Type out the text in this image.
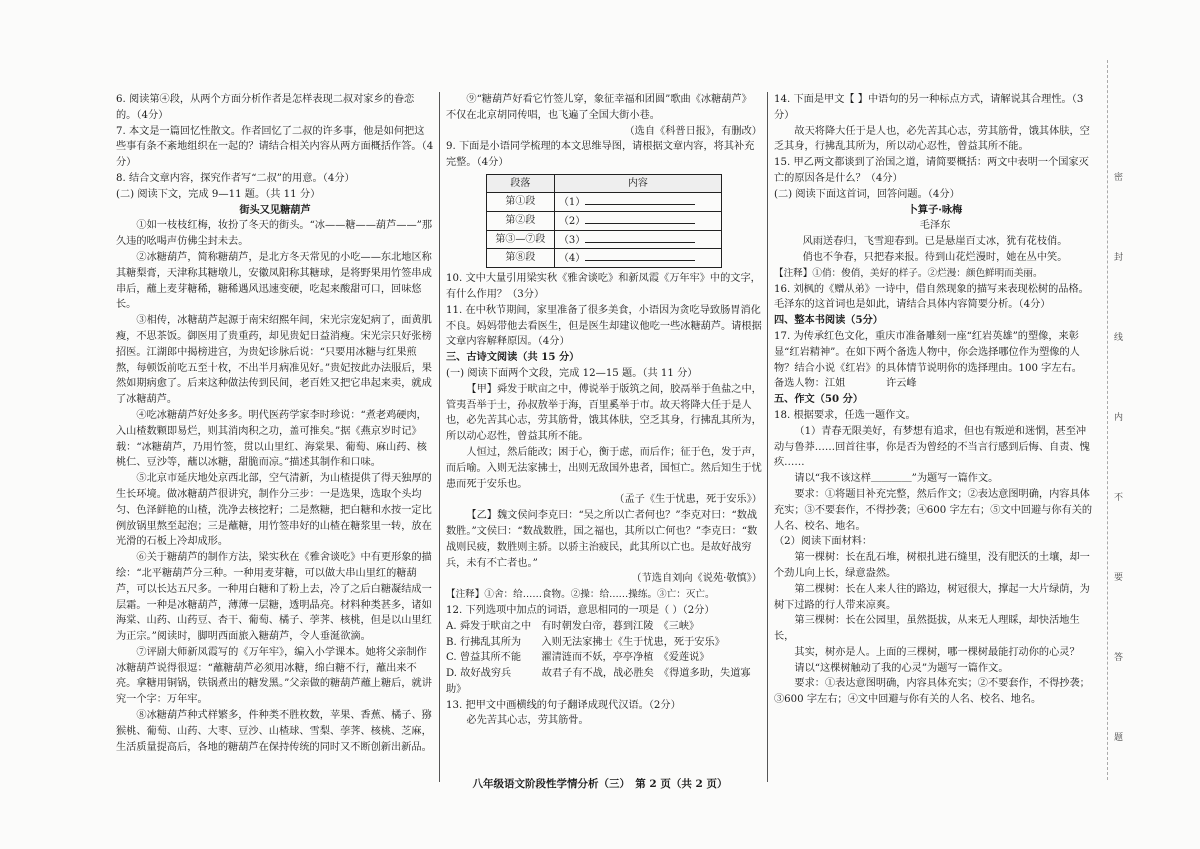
6. 阅读第④段，从两个方面分析作者是怎样表现二叔对家乡的眷恋的。（4分）

7. 本文是一篇回忆性散文。作者回忆了二叔的许多事，他是如何把这些事有条不紊地组织在一起的？请结合相关内容从两方面概括作答。（4分）

8. 结合文章内容，探究作者写“二叔”的用意。（4分）

(二) 阅读下文，完成 9—11 题。（共 11 分）

街头又见糖葫芦

①如一枝枝红梅，妆扮了冬天的街头。“冰——糖——葫芦——”那久违的吆喝声仿佛尘封未去。

②冰糖葫芦，简称糖葫芦，是北方冬天常见的小吃——东北地区称其糖梨膏，天津称其糖墩儿，安徽凤阳称其糖球，是将野果用竹签串成串后，蘸上麦芽糖稀，糖稀遇风迅速变硬，吃起来酸甜可口，回味悠长。

③相传，冰糖葫芦起源于南宋绍熙年间，宋光宗宠妃病了，面黄肌瘦，不思茶饭。御医用了贵重药，却见贵妃日益消瘦。宋光宗只好张榜招医。江湖郎中揭榜进宫，为贵妃诊脉后说：“只要用冰糖与红果煎熬，每顿饭前吃五至十枚，不出半月病准见好。”贵妃按此办法服后，果然如期病愈了。后来这种做法传到民间，老百姓又把它串起来卖，就成了冰糖葫芦。

④吃冰糖葫芦好处多多。明代医药学家李时珍说：“煮老鸡硬肉，入山楂数颗即易烂，则其消肉积之功，盖可推矣。”据《燕京岁时记》载：“冰糖葫芦，乃用竹签，贯以山里红、海棠果、葡萄、麻山药、核桃仁、豆沙等，蘸以冰糖，甜脆而凉。”描述其制作和口味。

⑤北京市延庆地处京西北部，空气清新，为山楂提供了得天独厚的生长环境。做冰糖葫芦很讲究，制作分三步：一是选果，选取个头均匀、色泽鲜艳的山楂，洗净去核挖籽；二是熬糖，把白糖和水按一定比例放锅里熬至起泡；三是蘸糖，用竹签串好的山楂在糖浆里一转，放在光滑的石板上冷却成形。

⑥关于糖葫芦的制作方法，梁实秋在《雅舍谈吃》中有更形象的描绘：“北平糖葫芦分三种。一种用麦芽糖，可以做大串山里红的糖葫芦，可以长达五尺多。一种用白糖和了粉上去，冷了之后白糖凝结成一层霜。一种是冰糖葫芦，薄薄一层糖，透明晶亮。材料种类甚多，诸如海棠、山药、山药豆、杏干、葡萄、橘子、荸荠、核桃，但是以山里红为正宗。”阅读时，脚明西面旅入糖葫芦，令人垂涎欲滴。

⑦评剧大师新凤霞写的《万年牢》，编入小学课本。她将父亲制作冰糖葫芦说得很逗：“蘸糖葫芦必须用冰糖，绵白糖不行，蘸出来不亮。拿糖用铜锅，铁锅煮出的糖发黑。”父亲做的糖葫芦蘸上糖后，就讲究一个字：万年牢。

⑧冰糖葫芦种式样繁多，件种类不胜枚数，苹果、香蕉、橘子、猕猴桃、葡萄、山药、大枣、豆沙、山楂球、雪梨、荸荠、核桃、芝麻，生活质量提高后，各地的糖葫芦在保持传统的同时又不断创新出新品。

⑨“糖葫芦好看它竹签儿穿，象征幸福和团圆”歌曲《冰糖葫芦》不仅在北京胡同传唱，也飞遍了全国大街小巷。

（选自《科普日报》，有删改）

9. 下面是小语同学梳理的本文思维导图，请根据文章内容，将其补充完整。（4分）

段落	内容
第①段	（1）
第②段	（2）
第③—⑦段	（3）
第⑧段	（4）

10. 文中大量引用梁实秋《雅舍谈吃》和新凤霞《万年牢》中的文字，有什么作用？（3分）

11. 在中秋节期间，家里准备了很多美食，小语因为贪吃导致肠胃消化不良。妈妈带他去看医生，但是医生却建议他吃一些冰糖葫芦。请根据文章内容解释原因。（4分）

三、古诗文阅读（共 15 分）

(一) 阅读下面两个文段，完成 12—15 题。（共 11 分）

【甲】舜发于畎亩之中，傅说举于版筑之间，胶鬲举于鱼盐之中，管夷吾举于士，孙叔敖举于海，百里奚举于市。故天将降大任于是人也，必先苦其心志，劳其筋骨，饿其体肤，空乏其身，行拂乱其所为，所以动心忍性，曾益其所不能。

人恒过，然后能改；困于心，衡于虑，而后作；征于色，发于声，而后喻。入则无法家拂士，出则无敌国外患者，国恒亡。然后知生于忧患而死于安乐也。

（孟子《生于忧患，死于安乐》）

【乙】魏文侯问李克曰：“吴之所以亡者何也？”李克对曰：“数战数胜。”文侯曰：“数战数胜，国之福也，其所以亡何也？”李克曰：“数战则民疲，数胜则主骄。以骄主治疲民，此其所以亡也。是故好战穷兵，未有不亡者也。”

（节选自刘向《说苑·敬慎》）

【注释】①舍：给……食物。②操：给……操练。③亡：灭亡。

12. 下列选项中加点的词语，意思相同的一项是（ ）（2分）

A. 舜发于畎亩之中　有时朝发白帝，暮到江陵　《三峡》

B. 行拂乱其所为　　入则无法家拂士《生于忧患，死于安乐》

C. 曾益其所不能　　濯清涟而不妖，亭亭净植　《爱莲说》

D. 故好战穷兵　　　故君子有不战，战必胜矣　《得道多助，失道寡助》

13. 把甲文中画横线的句子翻译成现代汉语。（2分）

必先苦其心志，劳其筋骨。

14. 下面是甲文【 】中语句的另一种标点方式，请解说其合理性。（3分）

故天将降大任于是人也，必先苦其心志，劳其筋骨，饿其体肤，空乏其身，行拂乱其所为，所以动心忍性，曾益其所不能。

15. 甲乙两文都谈到了治国之道，请简要概括：两文中表明一个国家灭亡的原因各是什么？（4分）

(二) 阅读下面这首词，回答问题。（4分）

卜算子·咏梅

毛泽东

风雨送春归，飞雪迎春到。已是悬崖百丈冰，犹有花枝俏。

俏也不争春，只把春来报。待到山花烂漫时，她在丛中笑。

【注释】①俏：俊俏，美好的样子。②烂漫：颜色鲜明而美丽。

16. 刘枫的《赠从弟》一诗中，借自然现象的描写来表现松树的品格。毛泽东的这首词也是如此，请结合具体内容简要分析。（4分）

四、整本书阅读（5分）

17. 为传承红色文化，重庆市准备雕刻一座“红岩英雄”的塑像，来彰显“红岩精神”。在如下两个备选人物中，你会选择哪位作为塑像的人物？结合小说《红岩》的具体情节说明你的选择理由。100 字左右。

备选人物：江姐　　　　许云峰

五、作文（50 分）

18. 根据要求，任选一题作文。

（1）青春无限美好，有梦想有追求，但也有叛逆和迷惘，甚至冲动与鲁莽……回首往事，你是否为曾经的不当言行感到后悔、自责、愧疚……

请以“我不该这样＿＿＿＿”为题写一篇作文。

要求：①将题目补充完整，然后作文；②表达意图明确，内容具体充实；③不要套作，不得抄袭；④600 字左右；⑤文中回避与你有关的人名、校名、地名。

（2）阅读下面材料：

第一棵树：长在乱石堆，树根扎进石缝里，没有肥沃的土壤，却一个劲儿向上长，绿意盎然。

第二棵树：长在人来人往的路边，树冠很大，撑起一大片绿荫，为树下过路的行人带来凉爽。

第三棵树：长在公园里，虽然挺拔，从来无人理睬，却快活地生长，

其实，树亦是人。上面的三棵树，哪一棵树最能打动你的心灵？

请以“这棵树触动了我的心灵”为题写一篇作文。

要求：①表达意图明确，内容具体充实；②不要套作，不得抄袭；③600 字左右；④文中回避与你有关的人名、校名、地名。

八年级语文阶段性学情分析（三）　第 2 页（共 2 页）
密
封
线
内
不
要
答
题
